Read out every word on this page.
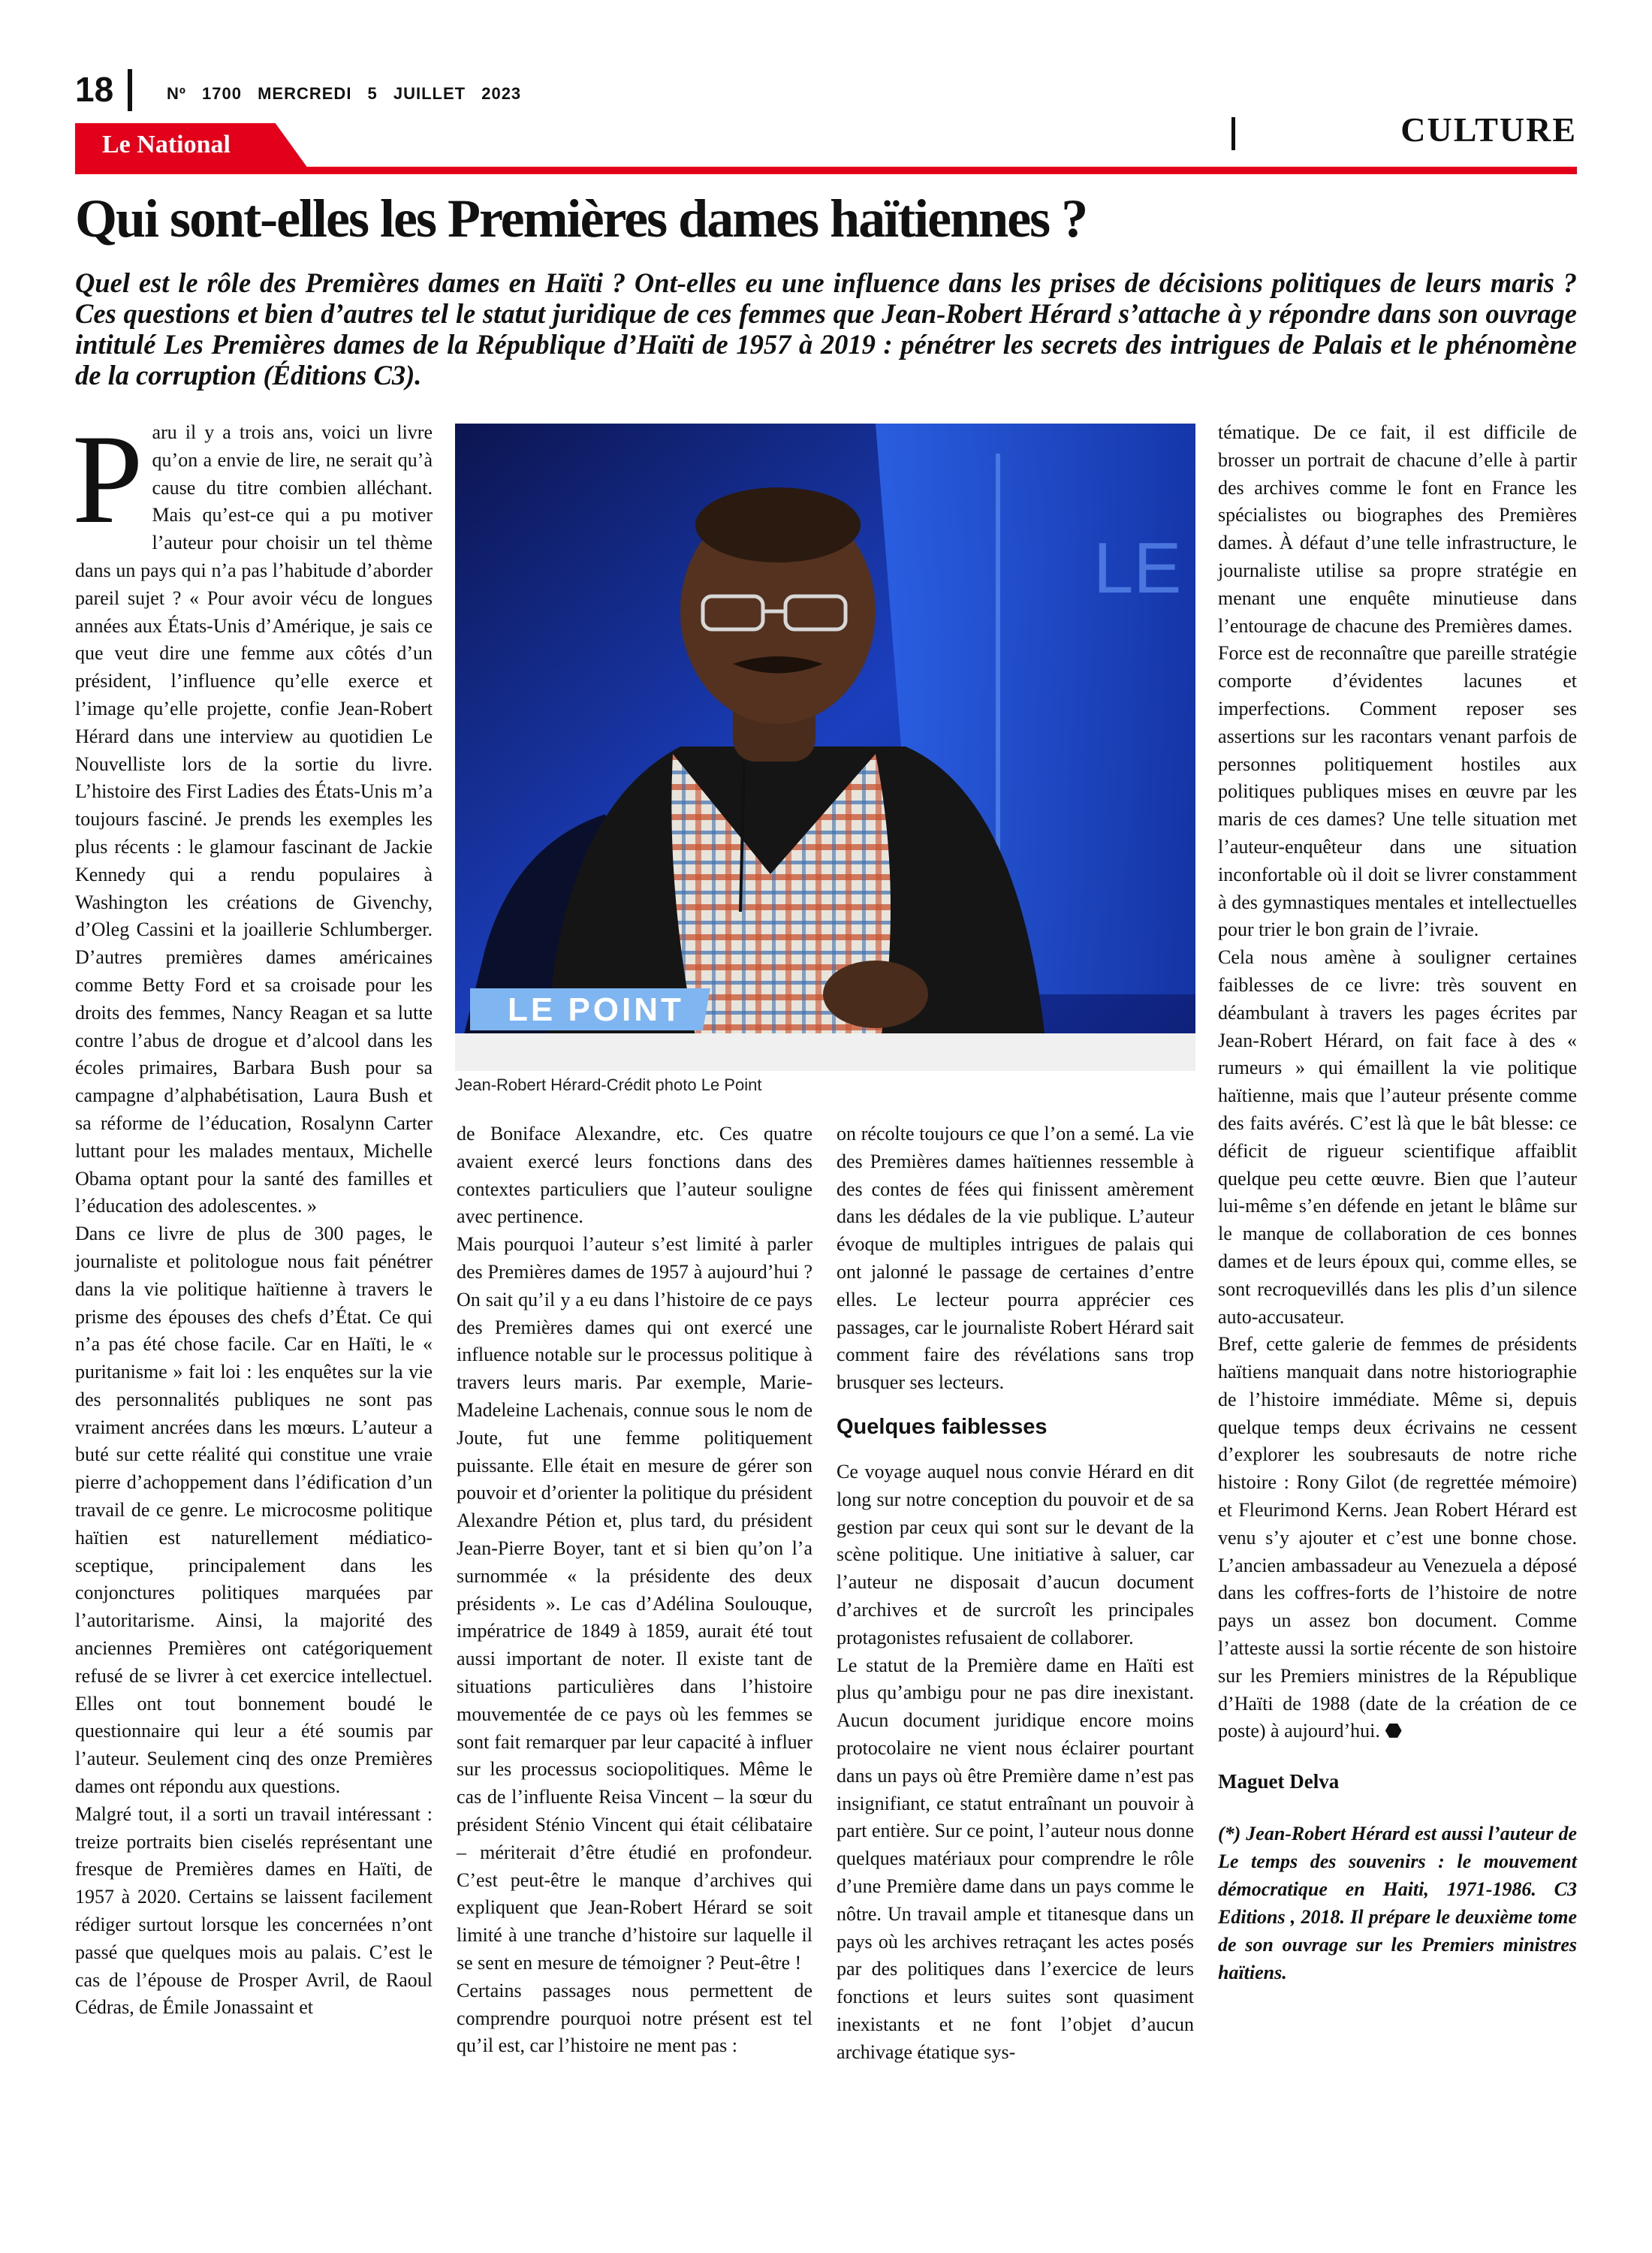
18	Nº 1700 MERCREDI 5 JUILLET 2023
Le National	CULTURE
Qui sont-elles les Premières dames haïtiennes ?
Quel est le rôle des Premières dames en Haïti ? Ont-elles eu une influence dans les prises de décisions politiques de leurs maris ? Ces questions et bien d’autres tel le statut juridique de ces femmes que Jean-Robert Hérard s’attache à y répondre dans son ouvrage intitulé Les Premières dames de la République d’Haïti de 1957 à 2019 : pénétrer les secrets des intrigues de Palais et le phénomène de la corruption (Éditions C3).

Paru il y a trois ans, voici un livre qu’on a envie de lire, ne serait qu’à cause du titre combien alléchant. Mais qu’est-ce qui a pu motiver l’auteur pour choisir un tel thème dans un pays qui n’a pas l’habitude d’aborder pareil sujet ? « Pour avoir vécu de longues années aux États-Unis d’Amérique, je sais ce que veut dire une femme aux côtés d’un président, l’influence qu’elle exerce et l’image qu’elle projette, confie Jean-Robert Hérard dans une interview au quotidien Le Nouvelliste lors de la sortie du livre. L’histoire des First Ladies des États-Unis m’a toujours fasciné. Je prends les exemples les plus récents : le glamour fascinant de Jackie Kennedy qui a rendu populaires à Washington les créations de Givenchy, d’Oleg Cassini et la joaillerie Schlumberger. D’autres premières dames américaines comme Betty Ford et sa croisade pour les droits des femmes, Nancy Reagan et sa lutte contre l’abus de drogue et d’alcool dans les écoles primaires, Barbara Bush pour sa campagne d’alphabétisation, Laura Bush et sa réforme de l’éducation, Rosalynn Carter luttant pour les malades mentaux, Michelle Obama optant pour la santé des familles et l’éducation des adolescentes. »

Dans ce livre de plus de 300 pages, le journaliste et politologue nous fait pénétrer dans la vie politique haïtienne à travers le prisme des épouses des chefs d’État. Ce qui n’a pas été chose facile. Car en Haïti, le « puritanisme » fait loi : les enquêtes sur la vie des personnalités publiques ne sont pas vraiment ancrées dans les mœurs. L’auteur a buté sur cette réalité qui constitue une vraie pierre d’achoppement dans l’édification d’un travail de ce genre. Le microcosme politique haïtien est naturellement médiatico-sceptique, principalement dans les conjonctures politiques marquées par l’autoritarisme. Ainsi, la majorité des anciennes Premières ont catégoriquement refusé de se livrer à cet exercice intellectuel. Elles ont tout bonnement boudé le questionnaire qui leur a été soumis par l’auteur. Seulement cinq des onze Premières dames ont répondu aux questions.

Malgré tout, il a sorti un travail intéressant : treize portraits bien ciselés représentant une fresque de Premières dames en Haïti, de 1957 à 2020. Certains se laissent facilement rédiger surtout lorsque les concernées n’ont passé que quelques mois au palais. C’est le cas de l’épouse de Prosper Avril, de Raoul Cédras, de Émile Jonassaint et

LE
LE POINT
Jean-Robert Hérard-Crédit photo Le Point

de Boniface Alexandre, etc. Ces quatre avaient exercé leurs fonctions dans des contextes particuliers que l’auteur souligne avec pertinence.

Mais pourquoi l’auteur s’est limité à parler des Premières dames de 1957 à aujourd’hui ? On sait qu’il y a eu dans l’histoire de ce pays des Premières dames qui ont exercé une influence notable sur le processus politique à travers leurs maris. Par exemple, Marie-Madeleine Lachenais, connue sous le nom de Joute, fut une femme politiquement puissante. Elle était en mesure de gérer son pouvoir et d’orienter la politique du président Alexandre Pétion et, plus tard, du président Jean-Pierre Boyer, tant et si bien qu’on l’a surnommée « la présidente des deux présidents ». Le cas d’Adélina Soulouque, impératrice de 1849 à 1859, aurait été tout aussi important de noter. Il existe tant de situations particulières dans l’histoire mouvementée de ce pays où les femmes se sont fait remarquer par leur capacité à influer sur les processus sociopolitiques. Même le cas de l’influente Reisa Vincent – la sœur du président Sténio Vincent qui était célibataire – mériterait d’être étudié en profondeur. C’est peut-être le manque d’archives qui expliquent que Jean-Robert Hérard se soit limité à une tranche d’histoire sur laquelle il se sent en mesure de témoigner ? Peut-être !

Certains passages nous permettent de comprendre pourquoi notre présent est tel qu’il est, car l’histoire ne ment pas :

on récolte toujours ce que l’on a semé. La vie des Premières dames haïtiennes ressemble à des contes de fées qui finissent amèrement dans les dédales de la vie publique. L’auteur évoque de multiples intrigues de palais qui ont jalonné le passage de certaines d’entre elles. Le lecteur pourra apprécier ces passages, car le journaliste Robert Hérard sait comment faire des révélations sans trop brusquer ses lecteurs.

Quelques faiblesses

Ce voyage auquel nous convie Hérard en dit long sur notre conception du pouvoir et de sa gestion par ceux qui sont sur le devant de la scène politique. Une initiative à saluer, car l’auteur ne disposait d’aucun document d’archives et de surcroît les principales protagonistes refusaient de collaborer.

Le statut de la Première dame en Haïti est plus qu’ambigu pour ne pas dire inexistant. Aucun document juridique encore moins protocolaire ne vient nous éclairer pourtant dans un pays où être Première dame n’est pas insignifiant, ce statut entraînant un pouvoir à part entière. Sur ce point, l’auteur nous donne quelques matériaux pour comprendre le rôle d’une Première dame dans un pays comme le nôtre. Un travail ample et titanesque dans un pays où les archives retraçant les actes posés par des politiques dans l’exercice de leurs fonctions et leurs suites sont quasiment inexistants et ne font l’objet d’aucun archivage étatique sys-

tématique. De ce fait, il est difficile de brosser un portrait de chacune d’elle à partir des archives comme le font en France les spécialistes ou biographes des Premières dames. À défaut d’une telle infrastructure, le journaliste utilise sa propre stratégie en menant une enquête minutieuse dans l’entourage de chacune des Premières dames.

Force est de reconnaître que pareille stratégie comporte d’évidentes lacunes et imperfections. Comment reposer ses assertions sur les racontars venant parfois de personnes politiquement hostiles aux politiques publiques mises en œuvre par les maris de ces dames? Une telle situation met l’auteur-enquêteur dans une situation inconfortable où il doit se livrer constamment à des gymnastiques mentales et intellectuelles pour trier le bon grain de l’ivraie.

Cela nous amène à souligner certaines faiblesses de ce livre: très souvent en déambulant à travers les pages écrites par Jean-Robert Hérard, on fait face à des « rumeurs » qui émaillent la vie politique haïtienne, mais que l’auteur présente comme des faits avérés. C’est là que le bât blesse: ce déficit de rigueur scientifique affaiblit quelque peu cette œuvre. Bien que l’auteur lui-même s’en défende en jetant le blâme sur le manque de collaboration de ces bonnes dames et de leurs époux qui, comme elles, se sont recroquevillés dans les plis d’un silence auto-accusateur.

Bref, cette galerie de femmes de présidents haïtiens manquait dans notre historiographie de l’histoire immédiate. Même si, depuis quelque temps deux écrivains ne cessent d’explorer les soubresauts de notre riche histoire : Rony Gilot (de regrettée mémoire) et Fleurimond Kerns. Jean Robert Hérard est venu s’y ajouter et c’est une bonne chose. L’ancien ambassadeur au Venezuela a déposé dans les coffres-forts de l’histoire de notre pays un assez bon document. Comme l’atteste aussi la sortie récente de son histoire sur les Premiers ministres de la République d’Haïti de 1988 (date de la création de ce poste) à aujourd’hui. ⬣

Maguet Delva

(*) Jean-Robert Hérard est aussi l’auteur de Le temps des souvenirs : le mouvement démocratique en Haiti, 1971-1986. C3 Editions , 2018. Il prépare le deuxième tome de son ouvrage sur les Premiers ministres haïtiens.
